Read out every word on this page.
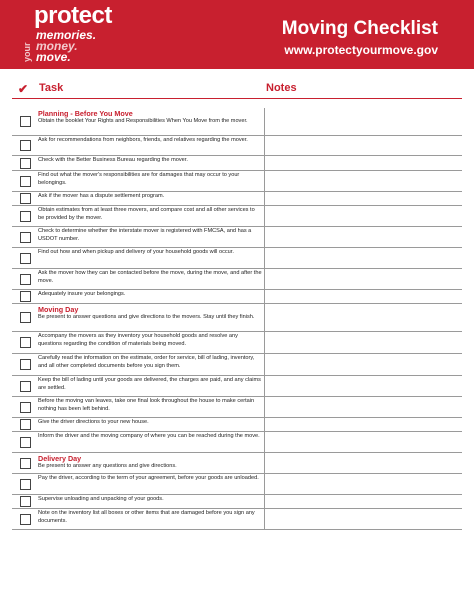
protect
your
memories.
money.
move.
Moving Checklist
www.protectyourmove.gov
✔ Task	Notes
Planning - Before You Move
Obtain the booklet Your Rights and Responsibilities When You Move from the mover.
Ask for recommendations from neighbors, friends, and relatives regarding the mover.
Check with the Better Business Bureau regarding the mover.
Find out what the mover's responsibilities are for damages that may occur to your belongings.
Ask if the mover has a dispute settlement program.
Obtain estimates from at least three movers, and compare cost and all other services to be provided by the mover.
Check to determine whether the interstate mover is registered with FMCSA, and has a USDOT number.
Find out how and when pickup and delivery of your household goods will occur.
Ask the mover how they can be contacted before the move, during the move, and after the move.
Adequately insure your belongings.
Moving Day
Be present to answer questions and give directions to the movers. Stay until they finish.
Accompany the movers as they inventory your household goods and resolve any questions regarding the condition of materials being moved.
Carefully read the information on the estimate, order for service, bill of lading, inventory, and all other completed documents before you sign them.
Keep the bill of lading until your goods are delivered, the charges are paid, and any claims are settled.
Before the moving van leaves, take one final look throughout the house to make certain nothing has been left behind.
Give the driver directions to your new house.
Inform the driver and the moving company of where you can be reached during the move.
Delivery Day
Be present to answer any questions and give directions.
Pay the driver, according to the term of your agreement, before your goods are unloaded.
Supervise unloading and unpacking of your goods.
Note on the inventory list all boxes or other items that are damaged before you sign any documents.
